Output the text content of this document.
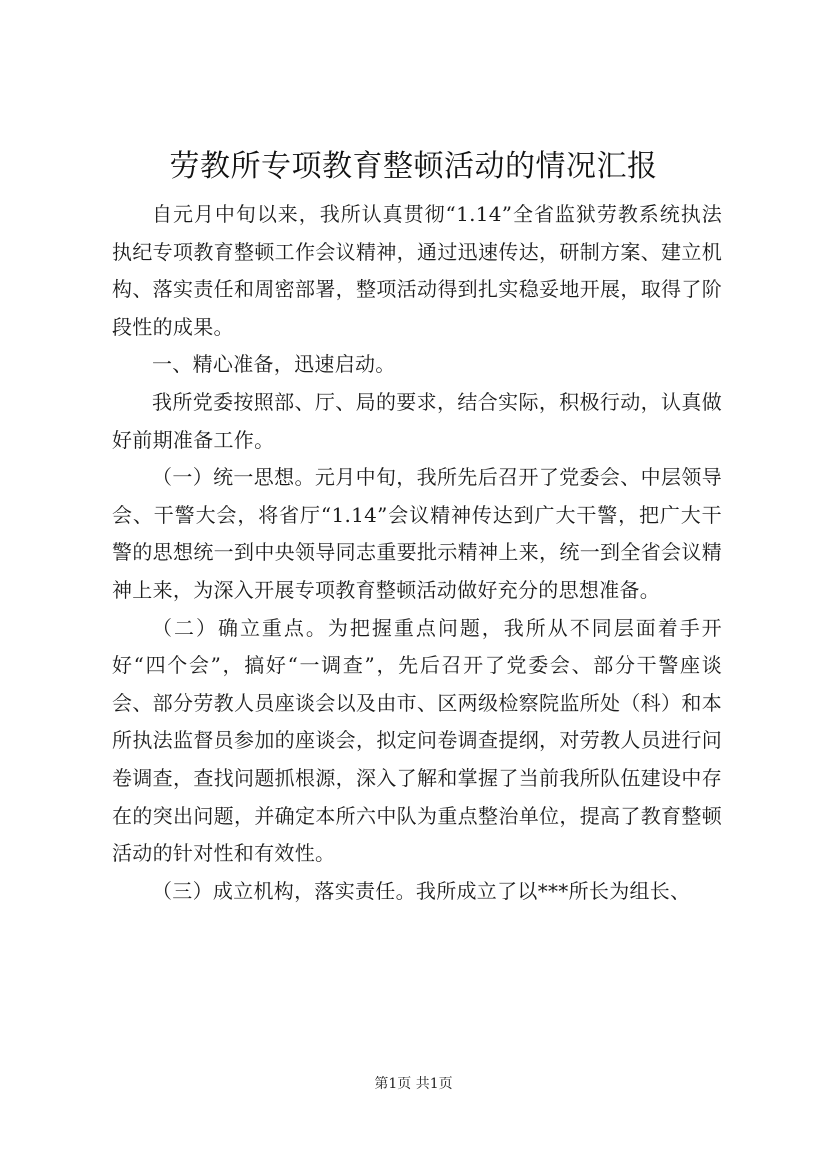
劳教所专项教育整顿活动的情况汇报

自元月中旬以来，我所认真贯彻“1.14”全省监狱劳教系统执法执纪专项教育整顿工作会议精神，通过迅速传达，研制方案、建立机构、落实责任和周密部署，整项活动得到扎实稳妥地开展，取得了阶段性的成果。

一、精心准备，迅速启动。

我所党委按照部、厅、局的要求，结合实际，积极行动，认真做好前期准备工作。

（一）统一思想。元月中旬，我所先后召开了党委会、中层领导会、干警大会，将省厅“1.14”会议精神传达到广大干警，把广大干警的思想统一到中央领导同志重要批示精神上来，统一到全省会议精神上来，为深入开展专项教育整顿活动做好充分的思想准备。

（二）确立重点。为把握重点问题，我所从不同层面着手开好“四个会”，搞好“一调查”，先后召开了党委会、部分干警座谈会、部分劳教人员座谈会以及由市、区两级检察院监所处（科）和本所执法监督员参加的座谈会，拟定问卷调查提纲，对劳教人员进行问卷调查，查找问题抓根源，深入了解和掌握了当前我所队伍建设中存在的突出问题，并确定本所六中队为重点整治单位，提高了教育整顿活动的针对性和有效性。

（三）成立机构，落实责任。我所成立了以***所长为组长、

第1页 共1页
